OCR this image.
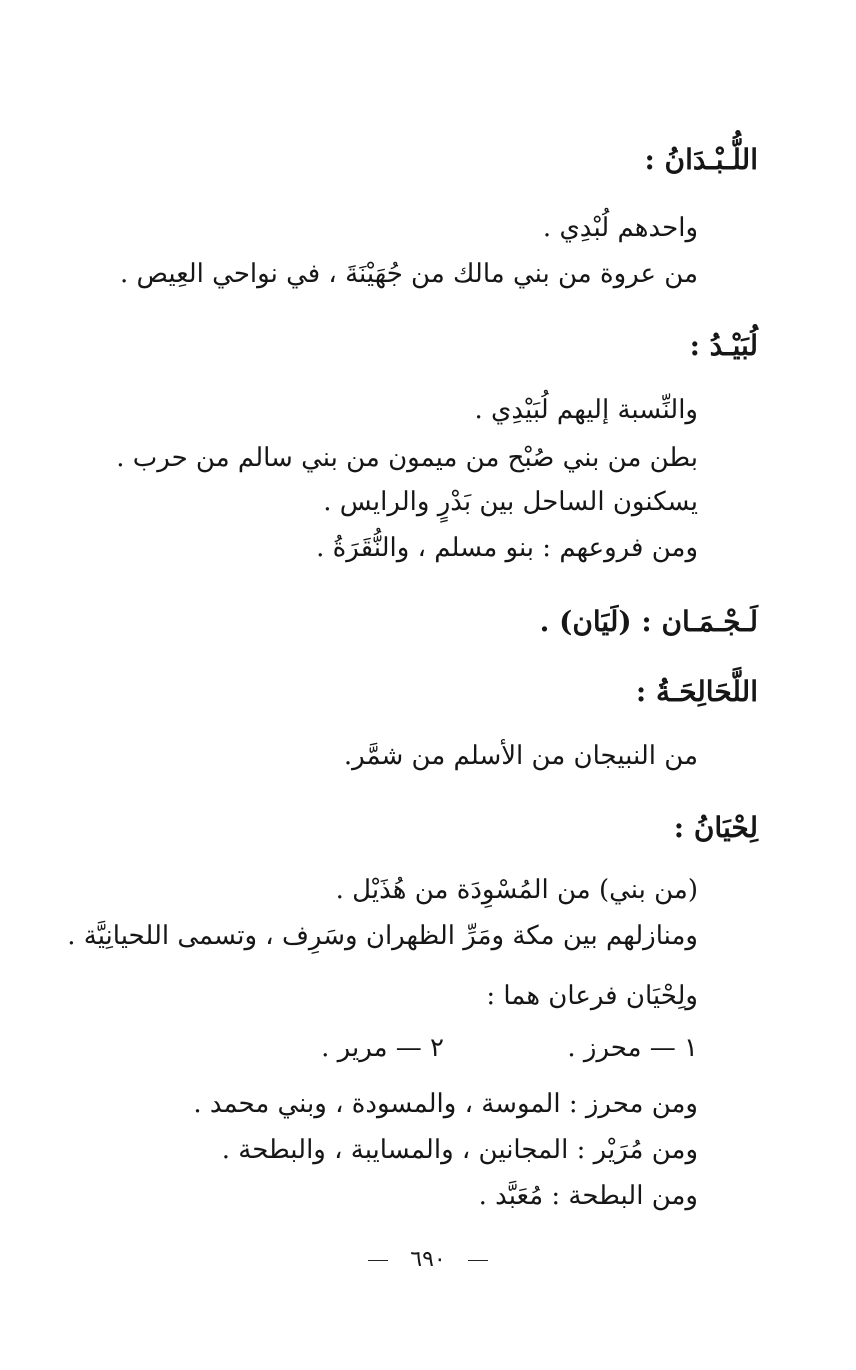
اللُّـبْـدَانُ :
واحدهم لُبْدِي .
من عروة من بني مالك من جُهَيْنَةَ ، في نواحي العِيص .
لُبَيْـدُ :
والنِّسبة إليهم لُبَيْدِي .
بطن من بني صُبْح من ميمون من بني سالم من حرب .
يسكنون الساحل بين بَدْرٍ والرايس .
ومن فروعهم : بنو مسلم ، والنُّقَرَةُ .
لَـجْـمَـان : (لَيَان) .
اللَّحَالِحَـةُ :
من النبيجان من الأسلم من شمَّر.
لِحْيَانُ :
(من بني) من المُسْوِدَة من هُذَيْل .
ومنازلهم بين مكة ومَرِّ الظهران وسَرِف ، وتسمى اللحيانِيَّة .
ولِحْيَان فرعان هما :
١ — محرز .
٢ — مرير .
ومن محرز : الموسة ، والمسودة ، وبني محمد .
ومن مُرَيْر : المجانين ، والمسايبة ، والبطحة .
ومن البطحة : مُعَبَّد .
٦٩٠
